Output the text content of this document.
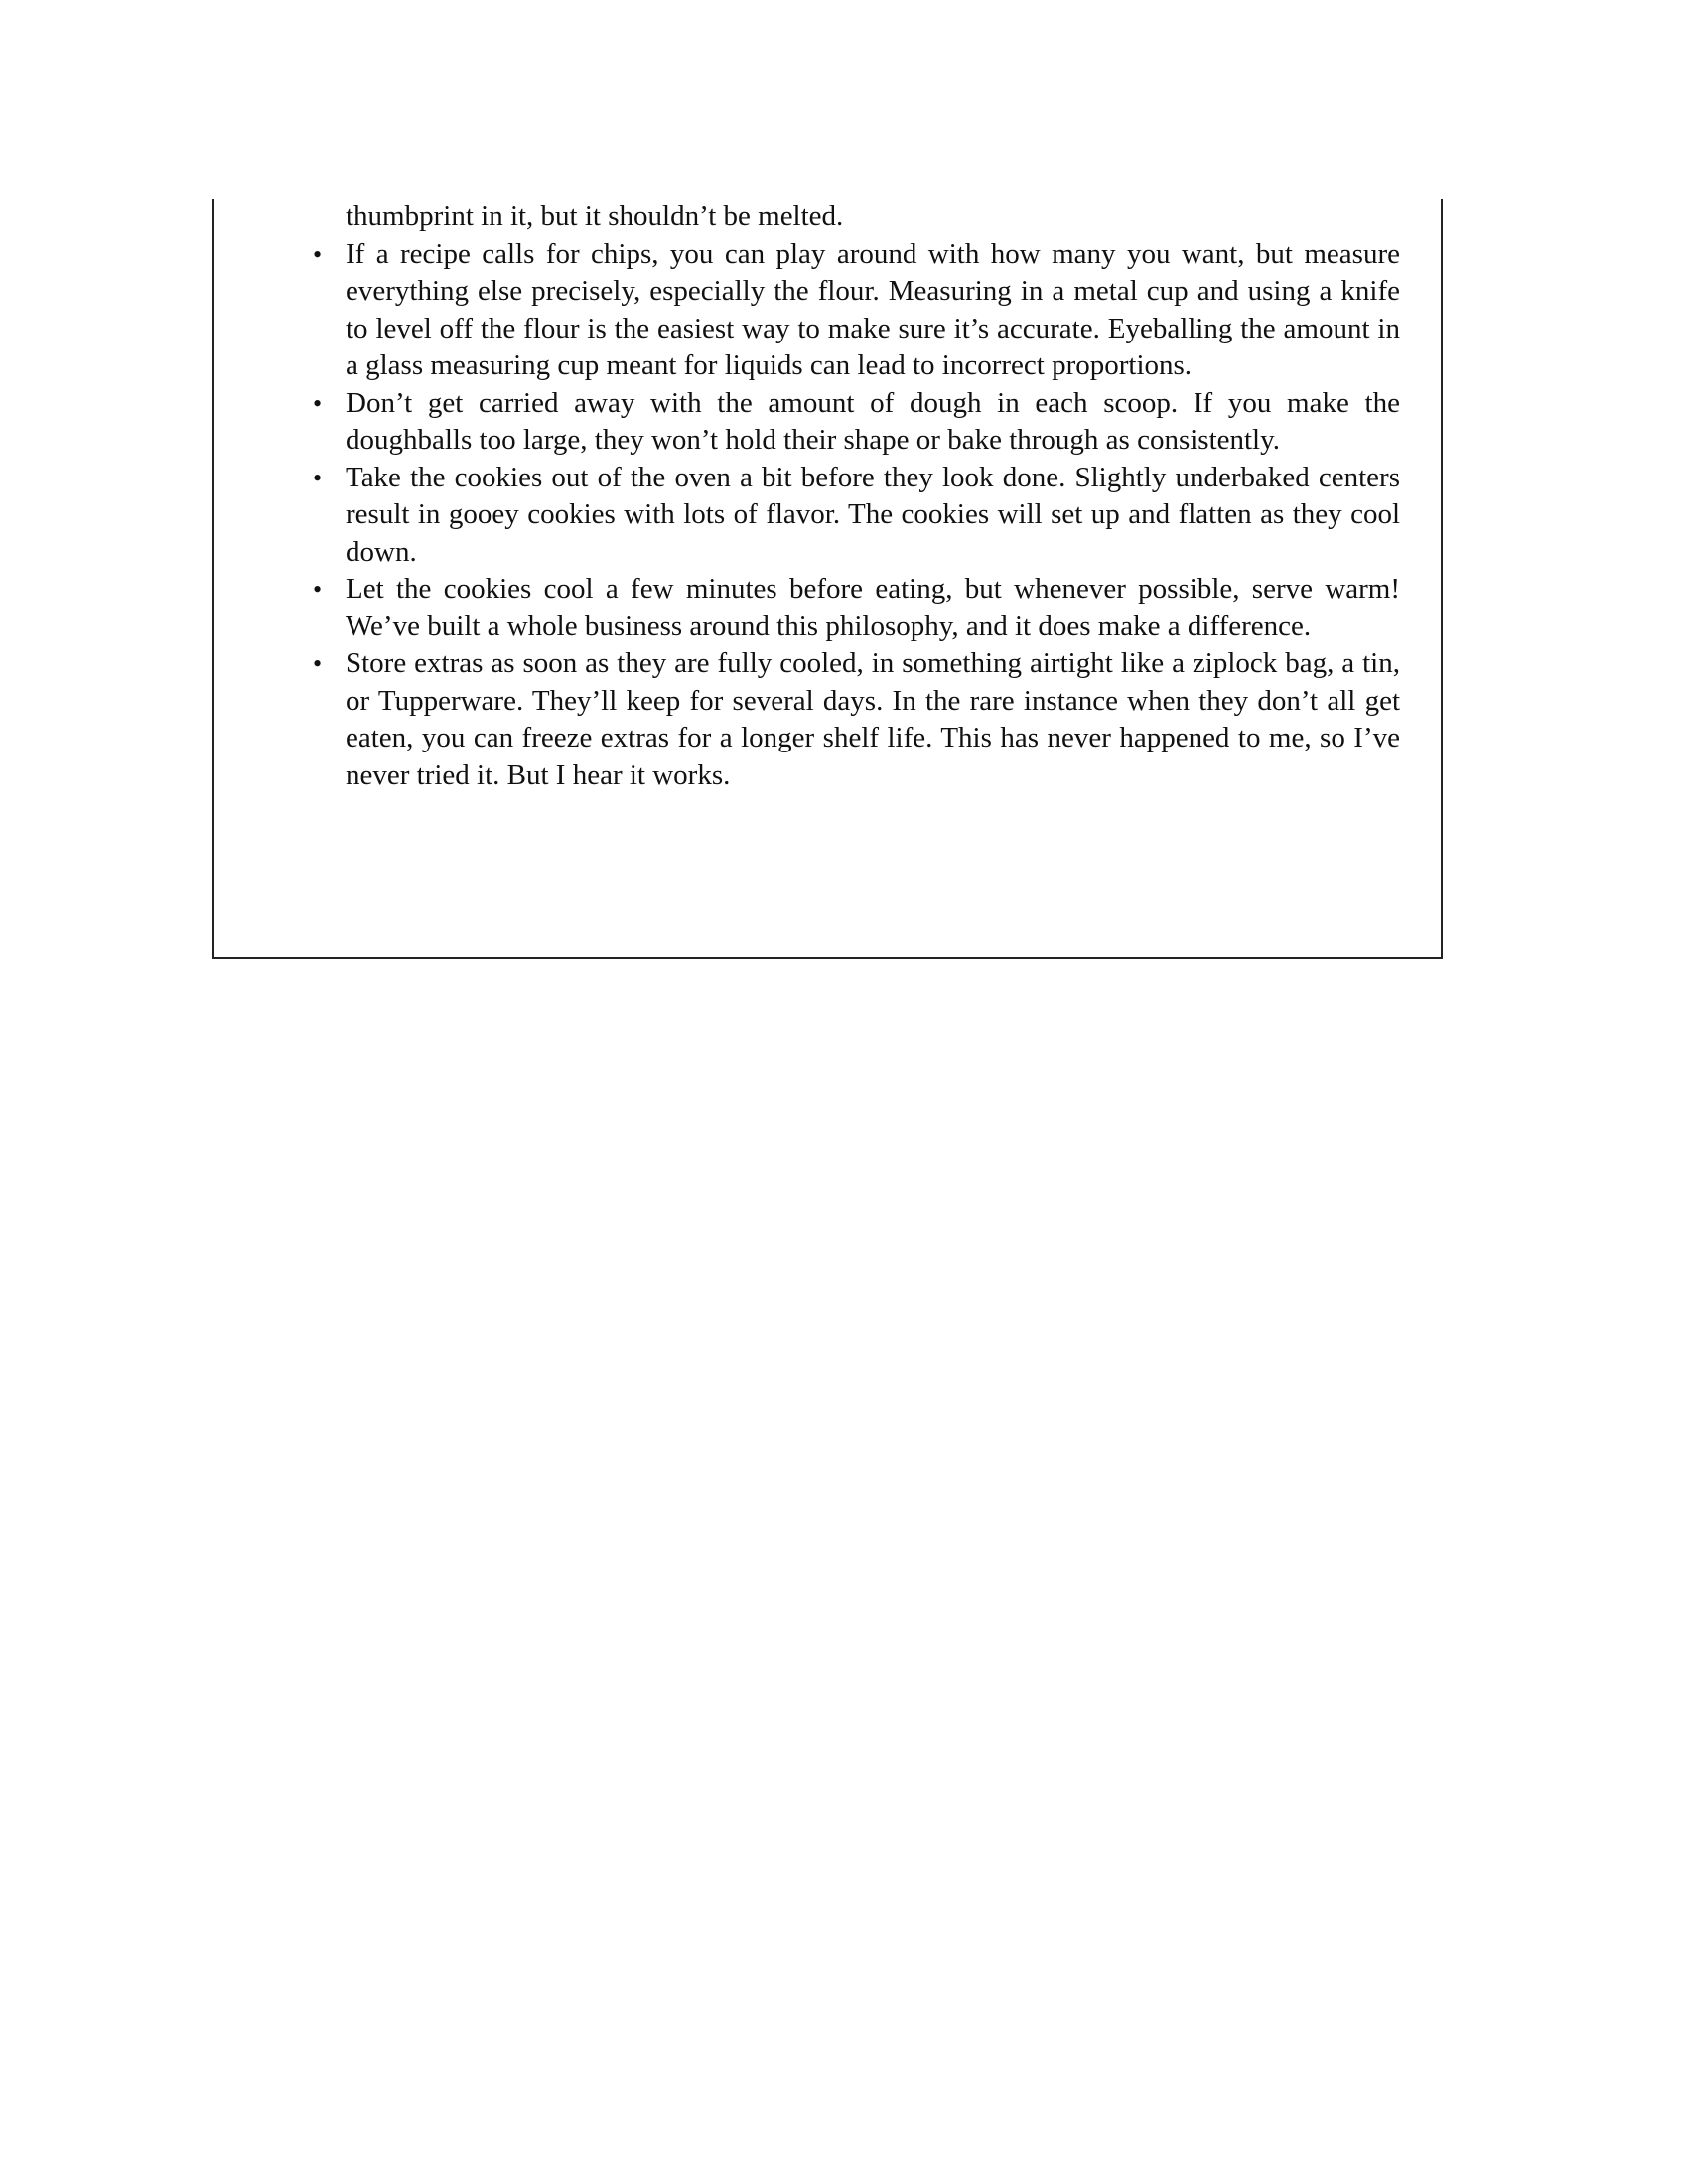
thumbprint in it, but it shouldn’t be melted.

• If a recipe calls for chips, you can play around with how many you want, but measure everything else precisely, especially the flour. Measuring in a metal cup and using a knife to level off the flour is the easiest way to make sure it’s accurate. Eyeballing the amount in a glass measuring cup meant for liquids can lead to incorrect proportions.
• Don’t get carried away with the amount of dough in each scoop. If you make the doughballs too large, they won’t hold their shape or bake through as consistently.
• Take the cookies out of the oven a bit before they look done. Slightly underbaked centers result in gooey cookies with lots of flavor. The cookies will set up and flatten as they cool down.
• Let the cookies cool a few minutes before eating, but whenever possible, serve warm! We’ve built a whole business around this philosophy, and it does make a difference.
• Store extras as soon as they are fully cooled, in something airtight like a ziplock bag, a tin, or Tupperware. They’ll keep for several days. In the rare instance when they don’t all get eaten, you can freeze extras for a longer shelf life. This has never happened to me, so I’ve never tried it. But I hear it works.
